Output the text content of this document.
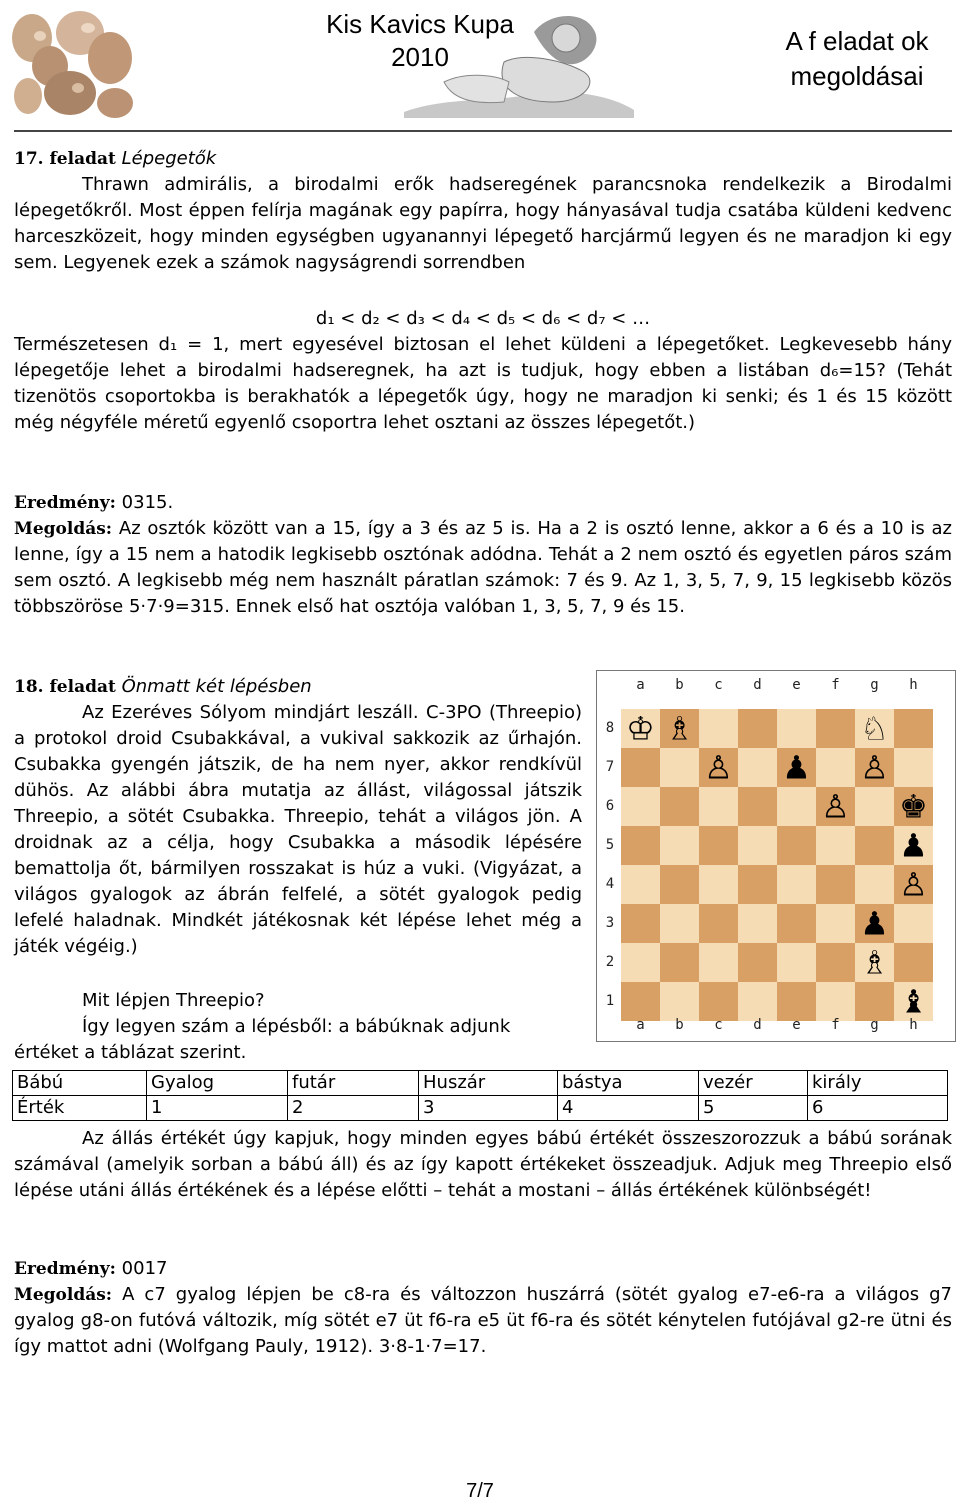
Kis Kavics Kupa
2010
A f eladat ok
megoldásai
17. feladat Lépegetők

Thrawn admirális, a birodalmi erők hadseregének parancsnoka rendelkezik a Birodalmi lépegetőkről. Most éppen felírja magának egy papírra, hogy hányasával tudja csatába küldeni kedvenc harceszközeit, hogy minden egységben ugyanannyi lépegető harcjármű legyen és ne maradjon ki egy sem. Legyenek ezek a számok nagyságrendi sorrendben

d₁ < d₂ < d₃ < d₄ < d₅ < d₆ < d₇ < …

Természetesen d₁ = 1, mert egyesével biztosan el lehet küldeni a lépegetőket. Legkevesebb hány lépegetője lehet a birodalmi hadseregnek, ha azt is tudjuk, hogy ebben a listában d₆=15? (Tehát tizenötös csoportokba is berakhatók a lépegetők úgy, hogy ne maradjon ki senki; és 1 és 15 között még négyféle méretű egyenlő csoportra lehet osztani az összes lépegetőt.)

Eredmény: 0315.

Megoldás: Az osztók között van a 15, így a 3 és az 5 is. Ha a 2 is osztó lenne, akkor a 6 és a 10 is az lenne, így a 15 nem a hatodik legkisebb osztónak adódna. Tehát a 2 nem osztó és egyetlen páros szám sem osztó. A legkisebb még nem használt páratlan számok: 7 és 9. Az 1, 3, 5, 7, 9, 15 legkisebb közös többszöröse 5·7·9=315. Ennek első hat osztója valóban 1, 3, 5, 7, 9 és 15.

18. feladat Önmatt két lépésben

Az Ezeréves Sólyom mindjárt leszáll. C-3PO (Threepio) a protokol droid Csubakkával, a vukival sakkozik az űrhajón. Csubakka gyengén játszik, de ha nem nyer, akkor rendkívül dühös. Az alábbi ábra mutatja az állást, világossal játszik Threepio, a sötét Csubakka. Threepio, tehát a világos jön. A droidnak az a célja, hogy Csubakka a második lépésére bemattolja őt, bármilyen rosszakat is húz a vuki. (Vigyázat, a világos gyalogok az ábrán felfelé, a sötét gyalogok pedig lefelé haladnak. Mindkét játékosnak két lépése lehet még a játék végéig.)

Mit lépjen Threepio?

Így legyen szám a lépésből: a bábúknak adjunk

értéket a táblázat szerint.

a b c d e f g h
8
7
6
5
4
3
2
1
♔ ♗	♘
♙ ♟ ♙
♙ ♚
♟
♙
♟
♗
♝
a b c d e f g h
Bábú	Gyalog	futár	Huszár	bástya	vezér	király
Érték	1	2	3	4	5	6

Az állás értékét úgy kapjuk, hogy minden egyes bábú értékét összeszorozzuk a bábú sorának számával (amelyik sorban a bábú áll) és az így kapott értékeket összeadjuk. Adjuk meg Threepio első lépése utáni állás értékének és a lépése előtti – tehát a mostani – állás értékének különbségét!

Eredmény: 0017

Megoldás: A c7 gyalog lépjen be c8-ra és változzon huszárrá (sötét gyalog e7-e6-ra a világos g7 gyalog g8-on futóvá változik, míg sötét e7 üt f6-ra e5 üt f6-ra és sötét kénytelen futójával g2-re ütni és így mattot adni (Wolfgang Pauly, 1912). 3·8-1·7=17.

7/7
